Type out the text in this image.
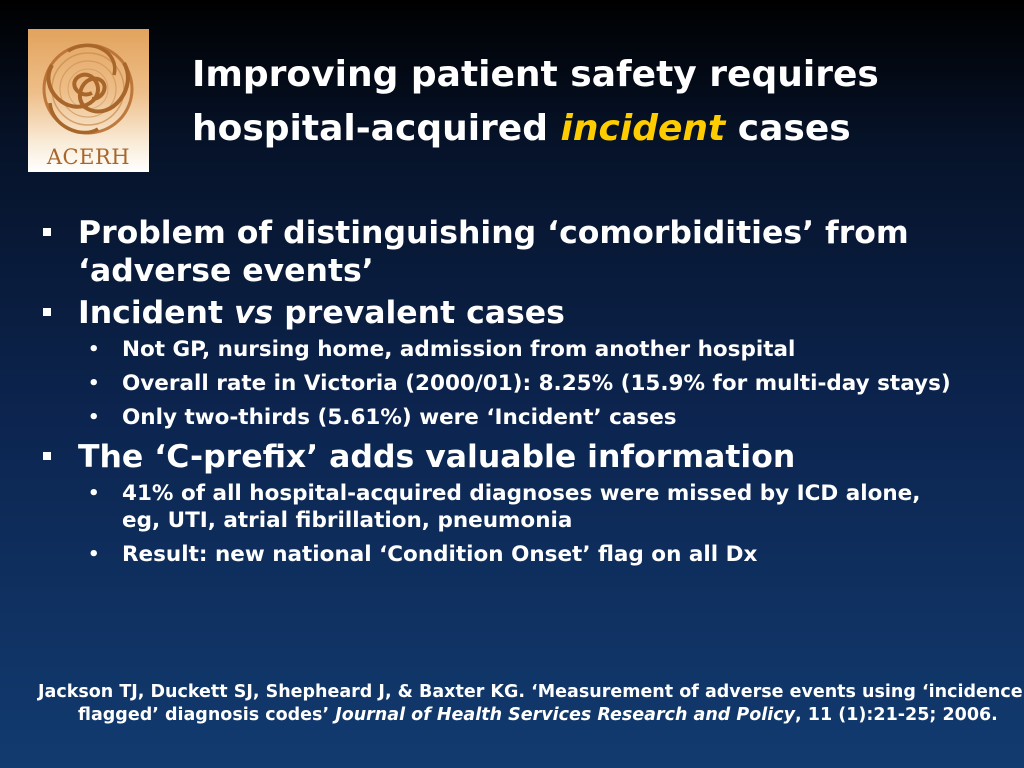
ACERH
Improving patient safety requires
hospital-acquired incident cases
Problem of distinguishing ‘comorbidities’ from ‘adverse events’
Incident vs prevalent cases
• Not GP, nursing home, admission from another hospital
• Overall rate in Victoria (2000/01): 8.25% (15.9% for multi-day stays)
• Only two-thirds (5.61%) were ‘Incident’ cases
The ‘C-prefix’ adds valuable information
• 41% of all hospital-acquired diagnoses were missed by ICD alone, eg, UTI, atrial fibrillation, pneumonia
• Result: new national ‘Condition Onset’ flag on all Dx
Jackson TJ, Duckett SJ, Shepheard J, & Baxter KG. ‘Measurement of adverse events using ‘incidence flagged’ diagnosis codes’ Journal of Health Services Research and Policy, 11 (1):21-25; 2006.
